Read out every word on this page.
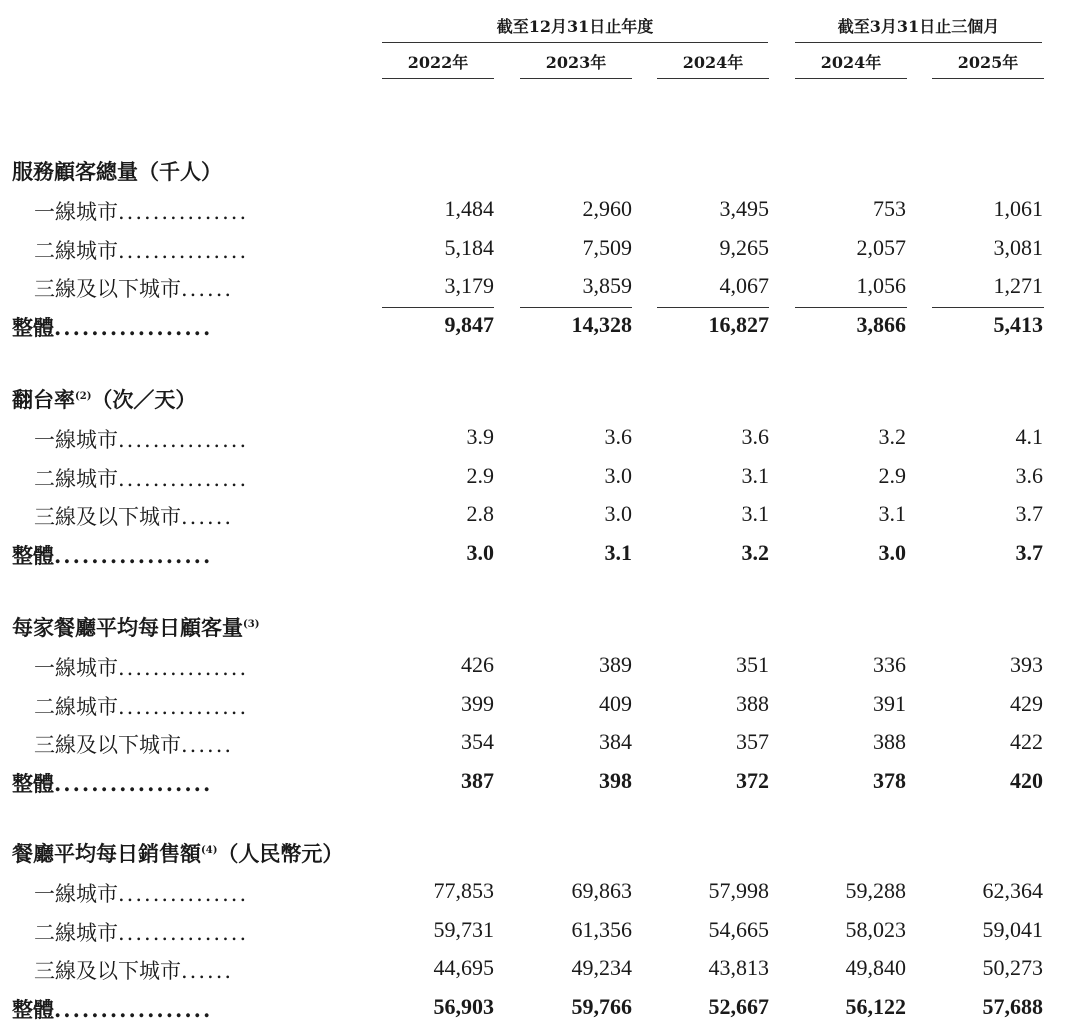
截至12月31日止年度	截至3月31日止三個月
2022年	2023年	2024年	2024年	2025年
服務顧客總量（千人）
一線城市...............	1,484	2,960	3,495	753	1,061
二線城市...............	5,184	7,509	9,265	2,057	3,081
三線及以下城市......	3,179	3,859	4,067	1,056	1,271
整體.................	9,847	14,328	16,827	3,866	5,413
翻台率$^{(2)}$（次／天）
一線城市...............	3.9	3.6	3.6	3.2	4.1
二線城市...............	2.9	3.0	3.1	2.9	3.6
三線及以下城市......	2.8	3.0	3.1	3.1	3.7
整體.................	3.0	3.1	3.2	3.0	3.7
每家餐廳平均每日顧客量$^{(3)}$
一線城市...............	426	389	351	336	393
二線城市...............	399	409	388	391	429
三線及以下城市......	354	384	357	388	422
整體.................	387	398	372	378	420
餐廳平均每日銷售額$^{(4)}$（人民幣元）
一線城市...............	77,853	69,863	57,998	59,288	62,364
二線城市...............	59,731	61,356	54,665	58,023	59,041
三線及以下城市......	44,695	49,234	43,813	49,840	50,273
整體.................	56,903	59,766	52,667	56,122	57,688
